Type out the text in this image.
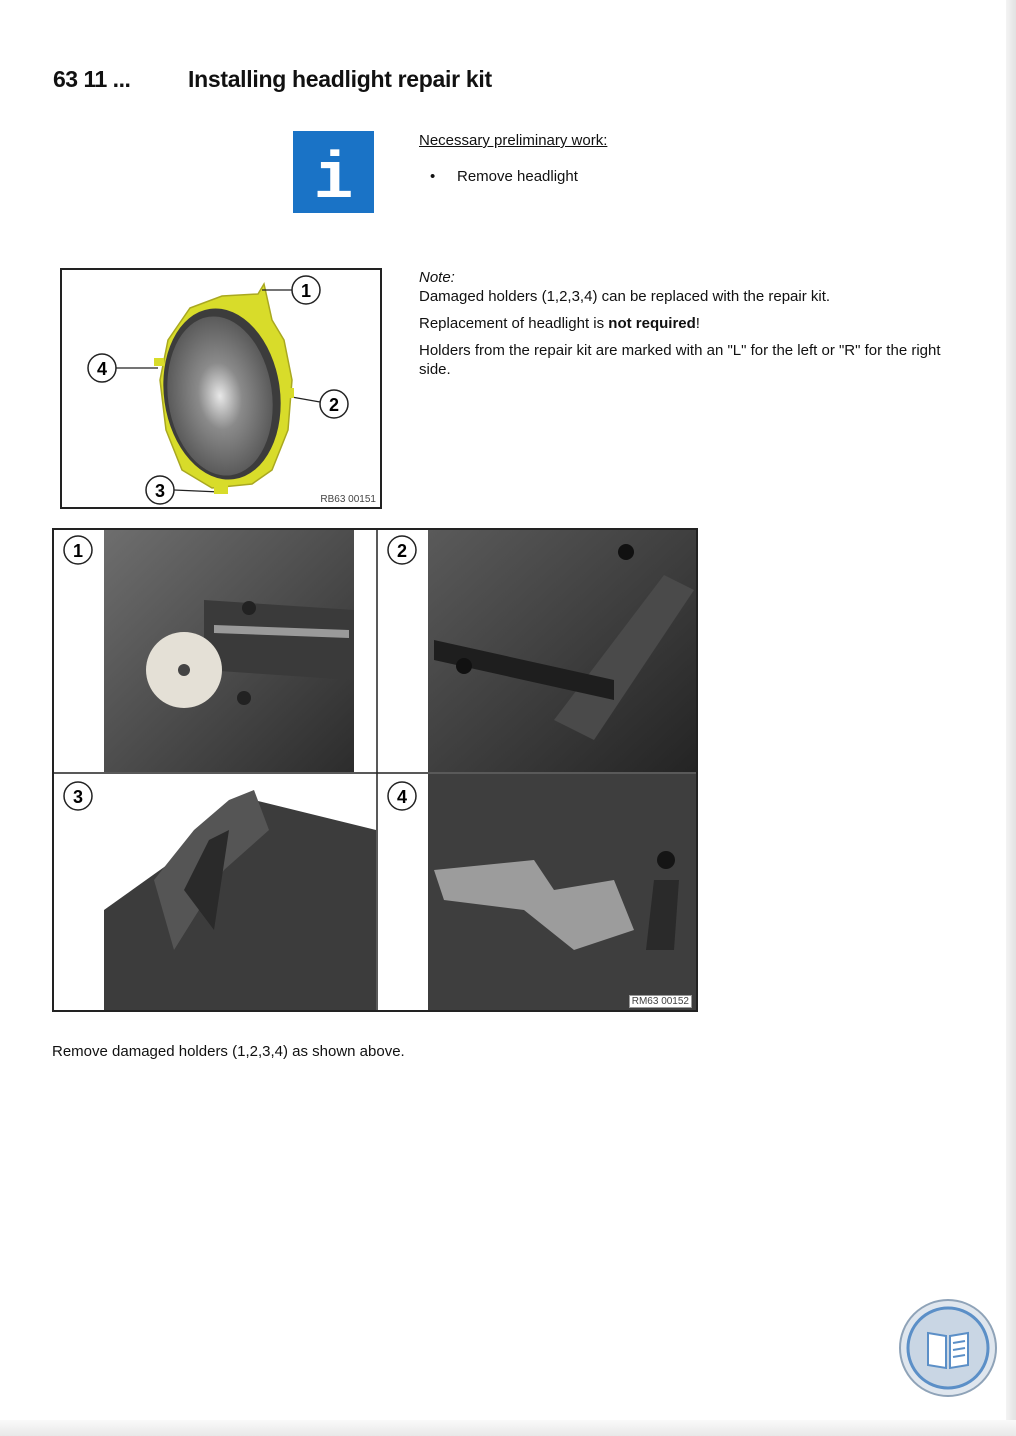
63 11 ...	Installing headlight repair kit
i
Necessary preliminary work:
• Remove headlight
1
4
2
3	RB63 00151

Note:

Damaged holders (1,2,3,4) can be replaced with the repair kit.

Replacement of headlight is not required!

Holders from the repair kit are marked with an "L" for the left or "R" for the right side.

1	2
3	4
RM63 00152
Remove damaged holders (1,2,3,4) as shown above.
